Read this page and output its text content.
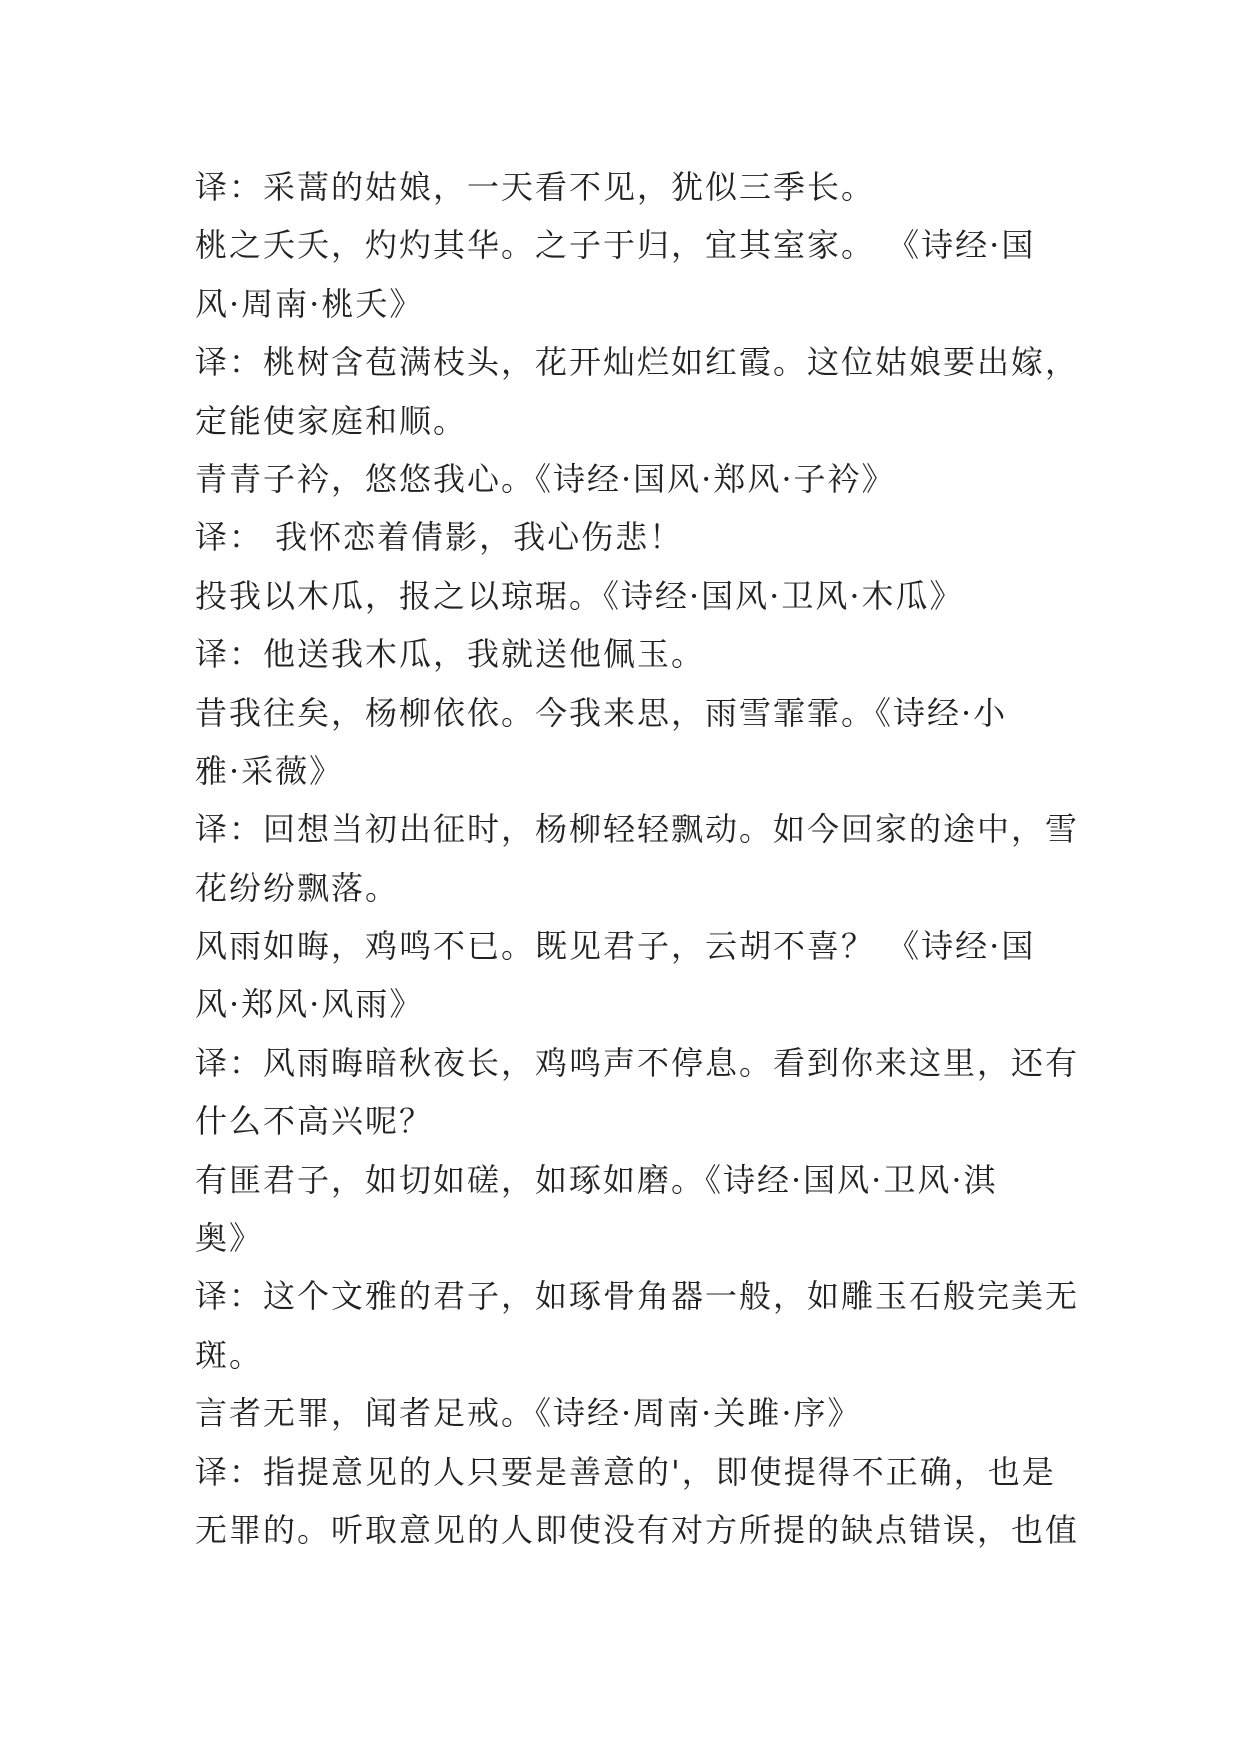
译：采蒿的姑娘，一天看不见，犹似三季长。
桃之夭夭，灼灼其华。之子于归，宜其室家。 《诗经·国
风·周南·桃夭》
译：桃树含苞满枝头，花开灿烂如红霞。这位姑娘要出嫁，
定能使家庭和顺。
青青子衿，悠悠我心。《诗经·国风·郑风·子衿》
译： 我怀恋着倩影，我心伤悲！
投我以木瓜，报之以琼琚。《诗经·国风·卫风·木瓜》
译：他送我木瓜，我就送他佩玉。
昔我往矣，杨柳依依。今我来思，雨雪霏霏。《诗经·小
雅·采薇》
译：回想当初出征时，杨柳轻轻飘动。如今回家的途中，雪
花纷纷飘落。
风雨如晦，鸡鸣不已。既见君子，云胡不喜？ 《诗经·国
风·郑风·风雨》
译：风雨晦暗秋夜长，鸡鸣声不停息。看到你来这里，还有
什么不高兴呢？
有匪君子，如切如磋，如琢如磨。《诗经·国风·卫风·淇
奥》
译：这个文雅的君子，如琢骨角器一般，如雕玉石般完美无
斑。
言者无罪，闻者足戒。《诗经·周南·关雎·序》
译：指提意见的人只要是善意的'，即使提得不正确，也是
无罪的。听取意见的人即使没有对方所提的缺点错误，也值
